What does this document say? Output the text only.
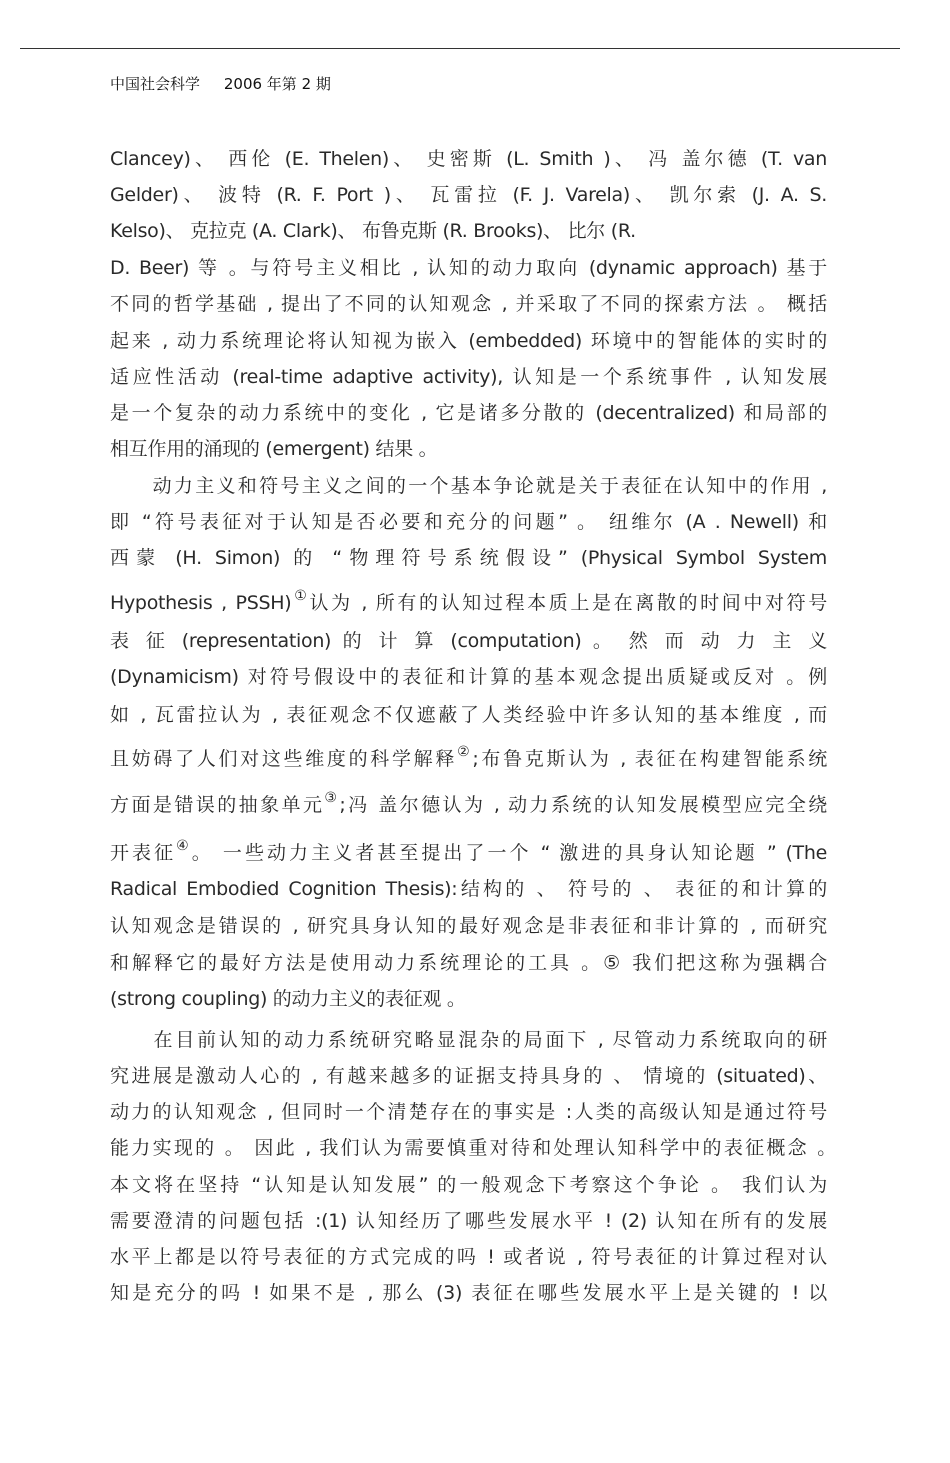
中国社会科学 2006 年第 2 期
Clancey)、 西伦 (E. Thelen)、 史密斯 (L. Smith )、 冯 盖尔德 (T. van
Gelder)、 波特 (R. F. Port )、 瓦雷拉 (F. J. Varela)、 凯尔索 (J. A. S.
Kelso)、 克拉克 (A. Clark)、 布鲁克斯 (R. Brooks)、 比尔 (R.
D. Beer) 等 。与符号主义相比 , 认知的动力取向 (dynamic approach) 基于
不同的哲学基础 , 提出了不同的认知观念 , 并采取了不同的探索方法 。 概括
起来 , 动力系统理论将认知视为嵌入 (embedded) 环境中的智能体的实时的
适应性活动 (real-time adaptive activity), 认知是一个系统事件 , 认知发展
是一个复杂的动力系统中的变化 , 它是诸多分散的 (decentralized) 和局部的
相互作用的涌现的 (emergent) 结果 。
　　动力主义和符号主义之间的一个基本争论就是关于表征在认知中的作用 ,
即 “符号表征对于认知是否必要和充分的问题” 。 纽维尔 (A . Newell) 和
西蒙 (H. Simon) 的 “物理符号系统假设” (Physical Symbol System
Hypothesis , PSSH)①认为 , 所有的认知过程本质上是在离散的时间中对符号
表 征 (representation) 的 计 算 (computation) 。 然 而 动 力 主 义
(Dynamicism) 对符号假设中的表征和计算的基本观念提出质疑或反对 。例
如 , 瓦雷拉认为 , 表征观念不仅遮蔽了人类经验中许多认知的基本维度 , 而
且妨碍了人们对这些维度的科学解释②;布鲁克斯认为 , 表征在构建智能系统
方面是错误的抽象单元③;冯 盖尔德认为 , 动力系统的认知发展模型应完全绕
开表征④。 一些动力主义者甚至提出了一个 “ 激进的具身认知论题 ” (The
Radical Embodied Cognition Thesis):结构的 、 符号的 、 表征的和计算的
认知观念是错误的 , 研究具身认知的最好观念是非表征和非计算的 , 而研究
和解释它的最好方法是使用动力系统理论的工具 。⑤ 我们把这称为强耦合
(strong coupling) 的动力主义的表征观 。
　　在目前认知的动力系统研究略显混杂的局面下 , 尽管动力系统取向的研
究进展是激动人心的 , 有越来越多的证据支持具身的 、 情境的 (situated)、
动力的认知观念 , 但同时一个清楚存在的事实是 :人类的高级认知是通过符号
能力实现的 。 因此 , 我们认为需要慎重对待和处理认知科学中的表征概念 。
本文将在坚持 “认知是认知发展” 的一般观念下考察这个争论 。 我们认为
需要澄清的问题包括 :(1) 认知经历了哪些发展水平 ! (2) 认知在所有的发展
水平上都是以符号表征的方式完成的吗 ! 或者说 , 符号表征的计算过程对认
知是充分的吗 ! 如果不是 , 那么 (3) 表征在哪些发展水平上是关键的 ! 以
